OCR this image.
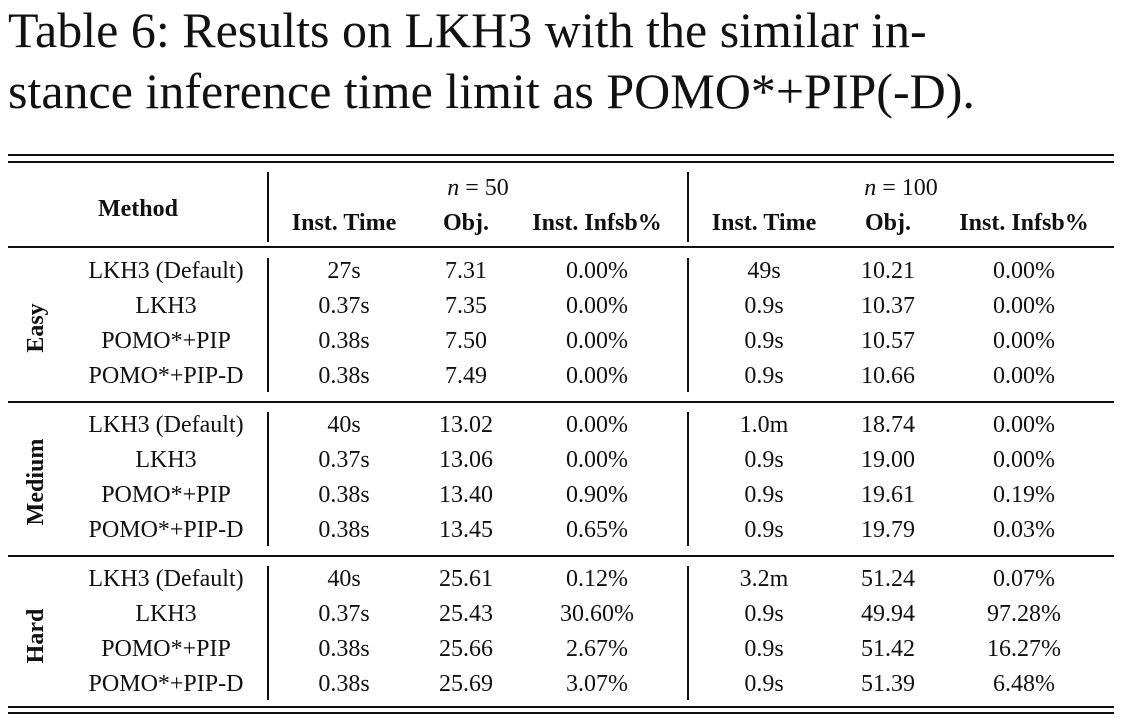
Table 6: Results on LKH3 with the similar in-
stance inference time limit as POMO*+PIP(-D).
Method
n = 50	n = 100
Inst. Time Obj. Inst. Infsb% Inst. Time Obj. Inst. Infsb%
Easy
LKH3 (Default)	27s	7.31	0.00%	49s	10.21	0.00%
LKH3	0.37s	7.35	0.00%	0.9s	10.37	0.00%
POMO*+PIP	0.38s	7.50	0.00%	0.9s	10.57	0.00%
POMO*+PIP-D	0.38s	7.49	0.00%	0.9s	10.66	0.00%
Medium
LKH3 (Default)	40s	13.02	0.00%	1.0m	18.74	0.00%
LKH3	0.37s	13.06	0.00%	0.9s	19.00	0.00%
POMO*+PIP	0.38s	13.40	0.90%	0.9s	19.61	0.19%
POMO*+PIP-D	0.38s	13.45	0.65%	0.9s	19.79	0.03%
Hard
LKH3 (Default)	40s	25.61	0.12%	3.2m	51.24	0.07%
LKH3	0.37s	25.43	30.60%	0.9s	49.94	97.28%
POMO*+PIP	0.38s	25.66	2.67%	0.9s	51.42	16.27%
POMO*+PIP-D	0.38s	25.69	3.07%	0.9s	51.39	6.48%
